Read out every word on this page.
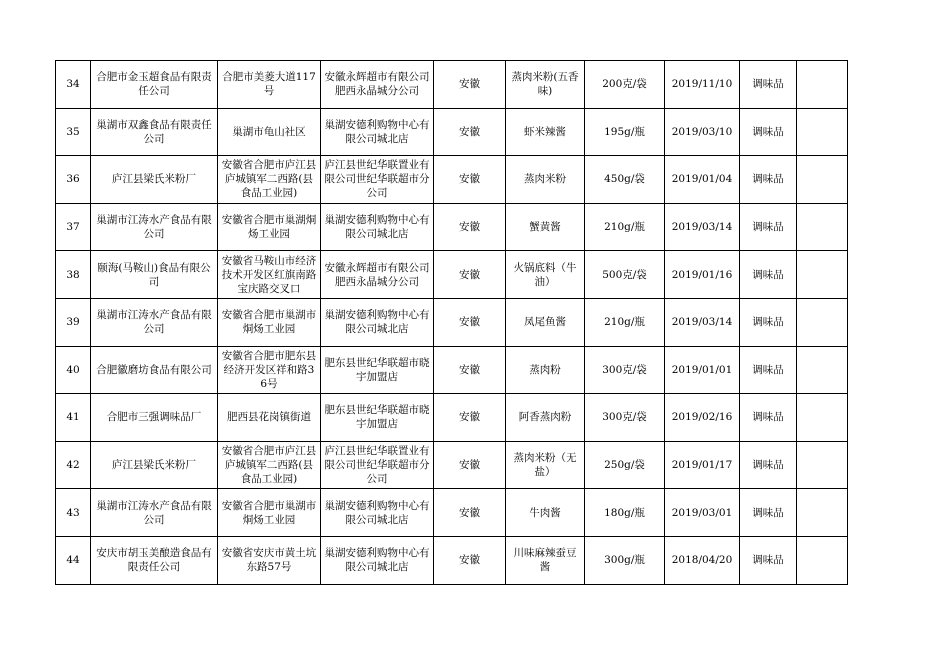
34	合肥市金玉超食品有限责任公司	合肥市美菱大道117号	安徽永辉超市有限公司肥西永晶城分公司	安徽	蒸肉米粉(五香味)	200克/袋	2019/11/10	调味品	
35	巢湖市双鑫食品有限责任公司	巢湖市龟山社区	巢湖安德利购物中心有限公司城北店	安徽	虾米辣酱	195g/瓶	2019/03/10	调味品	
36	庐江县梁氏米粉厂	安徽省合肥市庐江县庐城镇军二西路(县食品工业园)	庐江县世纪华联置业有限公司世纪华联超市分公司	安徽	蒸肉米粉	450g/袋	2019/01/04	调味品	
37	巢湖市江涛水产食品有限公司	安徽省合肥市巢湖烔炀工业园	巢湖安德利购物中心有限公司城北店	安徽	蟹黄酱	210g/瓶	2019/03/14	调味品	
38	颐海(马鞍山)食品有限公司	安徽省马鞍山市经济技术开发区红旗南路宝庆路交叉口	安徽永辉超市有限公司肥西永晶城分公司	安徽	火锅底料（牛油）	500克/袋	2019/01/16	调味品	
39	巢湖市江涛水产食品有限公司	安徽省合肥市巢湖市烔炀工业园	巢湖安德利购物中心有限公司城北店	安徽	凤尾鱼酱	210g/瓶	2019/03/14	调味品	
40	合肥徽磨坊食品有限公司	安徽省合肥市肥东县经济开发区祥和路36号	肥东县世纪华联超市晓宇加盟店	安徽	蒸肉粉	300克/袋	2019/01/01	调味品	
41	合肥市三强调味品厂	肥西县花岗镇街道	肥东县世纪华联超市晓宇加盟店	安徽	阿香蒸肉粉	300克/袋	2019/02/16	调味品	
42	庐江县梁氏米粉厂	安徽省合肥市庐江县庐城镇军二西路(县食品工业园)	庐江县世纪华联置业有限公司世纪华联超市分公司	安徽	蒸肉米粉（无盐）	250g/袋	2019/01/17	调味品	
43	巢湖市江涛水产食品有限公司	安徽省合肥市巢湖市烔炀工业园	巢湖安德利购物中心有限公司城北店	安徽	牛肉酱	180g/瓶	2019/03/01	调味品	
44	安庆市胡玉美酿造食品有限责任公司	安徽省安庆市黄土坑东路57号	巢湖安德利购物中心有限公司城北店	安徽	川味麻辣蚕豆酱	300g/瓶	2018/04/20	调味品	
